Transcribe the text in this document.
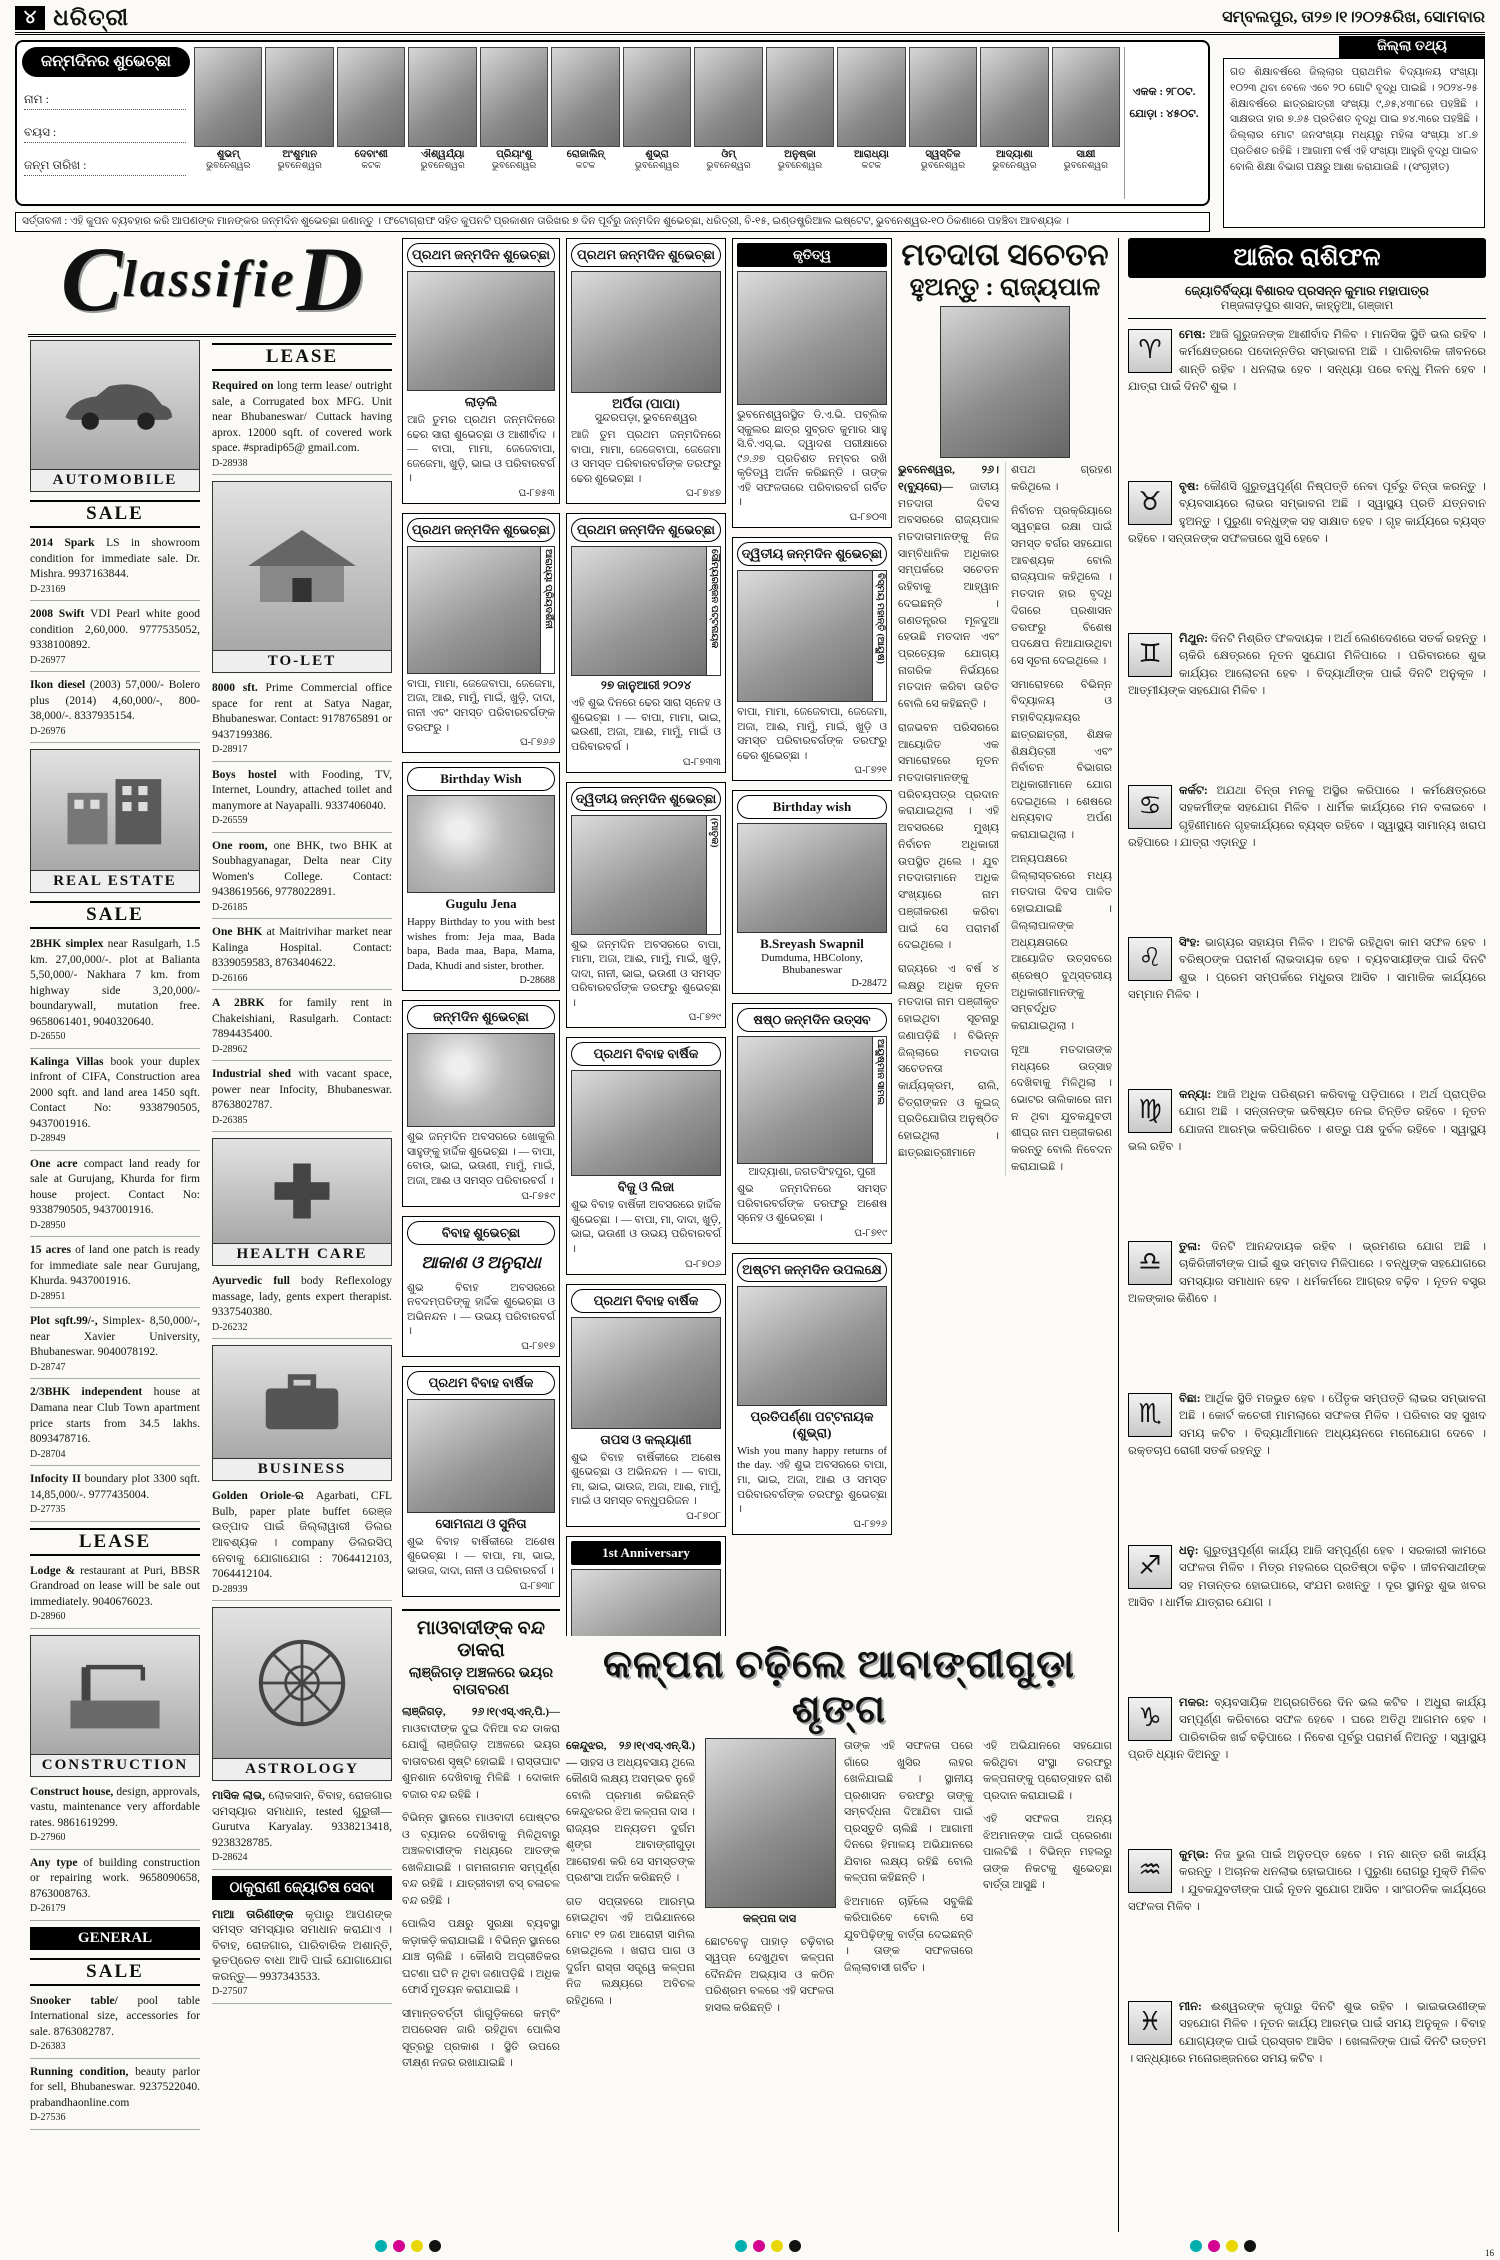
୪ ଧରିତ୍ରୀ	ସମ୍ବଲପୁର, ତା୨୭।୧।୨୦୨୫ରିଖ, ସୋମବାର
ଜନ୍ମଦିନର ଶୁଭେଚ୍ଛା
ନାମ :
ବୟସ :
ଜନ୍ମ ତାରିଖ :
ଶୁଭମ୍
ଭୁବନେଶ୍ୱର
ଅଂଶୁମାନ
ଭୁବନେଶ୍ୱର
ଦେବାଂଶୀ
କଟକ
ଐଶ୍ୱର୍ଯ୍ୟା
ଭୁବନେଶ୍ୱର
ପ୍ରିୟାଂଶୁ
ଭୁବନେଶ୍ୱର
ରୋଜାଲିନ୍
କଟକ
ଶୁଭ୍ରା
ଭୁବନେଶ୍ୱର
ଓଁମ୍
ଭୁବନେଶ୍ୱର
ଅନୁଷ୍କା
ଭୁବନେଶ୍ୱର
ଆରାଧ୍ୟା
କଟକ
ସ୍ୱସ୍ତିକ
ଭୁବନେଶ୍ୱର
ଆଦ୍ୟାଶା
ଭୁବନେଶ୍ୱର
ସାକ୍ଷୀ
ଭୁବନେଶ୍ୱର
ଏକକ : ୨୮୦ଟ.
ଯୋଡ଼ା : ୪୫୦ଟ.
ସର୍ତ୍ତାବଳୀ : ଏହି କୁପନ ବ୍ୟବହାର କରି ଆପଣଙ୍କ ମାନଙ୍କର ଜନ୍ମଦିନ ଶୁଭେଚ୍ଛା ଜଣାନ୍ତୁ । ଫଟୋଗ୍ରାଫ ସହିତ କୁପନଟି ପ୍ରକାଶନ ତାରିଖର ୭ ଦିନ ପୂର୍ବରୁ ଜନ୍ମଦିନ ଶୁଭେଚ୍ଛା, ଧରିତ୍ରୀ, ବି-୧୫, ଇଣ୍ଡଷ୍ଟ୍ରିଆଲ ଇଷ୍ଟେଟ, ଭୁବନେଶ୍ୱର-୧୦ ଠିକଣାରେ ପହଞ୍ଚିବା ଆବଶ୍ୟକ ।
ଜିଲ୍ଲା ତଥ୍ୟ
ଗତ ଶିକ୍ଷାବର୍ଷରେ ଜିଲ୍ଲାର ପ୍ରାଥମିକ ବିଦ୍ୟାଳୟ ସଂଖ୍ୟା ୧୦୨୩ ଥିବା ବେଳେ ଏବେ ୨୦ ଗୋଟି ବୃଦ୍ଧି ପାଇଛି । ୨୦୨୪-୨୫ ଶିକ୍ଷାବର୍ଷରେ ଛାତ୍ରଛାତ୍ରୀ ସଂଖ୍ୟା ୯,୬୫,୪୩୮ରେ ପହଞ୍ଚିଛି । ସାକ୍ଷରତା ହାର ୭.୬୫ ପ୍ରତିଶତ ବୃଦ୍ଧି ପାଇ ୭୪.୩ରେ ପହଞ୍ଚିଛି । ଜିଲ୍ଲାର ମୋଟ ଜନସଂଖ୍ୟା ମଧ୍ୟରୁ ମହିଳା ସଂଖ୍ୟା ୪୮.୭ ପ୍ରତିଶତ ରହିଛି । ଆଗାମୀ ବର୍ଷ ଏହି ସଂଖ୍ୟା ଆହୁରି ବୃଦ୍ଧି ପାଇବ ବୋଲି ଶିକ୍ଷା ବିଭାଗ ପକ୍ଷରୁ ଆଶା କରାଯାଉଛି । (ସଂଗୃହୀତ)
ClassifieD
AUTOMOBILE
SALE

2014 Spark LS in showroom condition for immediate sale. Dr. Mishra. 9937163844.
D-23169

2008 Swift VDI Pearl white good condition 2,60,000. 9777535052, 9338100892.
D-26977

Ikon diesel (2003) 57,000/- Bolero plus (2014) 4,60,000/-, 800-38,000/-. 8337935154.
D-26976

REAL ESTATE
SALE

2BHK simplex near Rasulgarh, 1.5 km. 27,00,000/-. plot at Balianta 5,50,000/- Nakhara 7 km. from highway side 3,20,000/- boundarywall, mutation free. 9658061401, 9040320640.
D-26550

Kalinga Villas book your duplex infront of CIFA, Construction area 2000 sqft. and land area 1450 sqft. Contact No: 9338790505, 9437001916.
D-28949

One acre compact land ready for sale at Gurujang, Khurda for firm house project. Contact No: 9338790505, 9437001916.
D-28950

15 acres of land one patch is ready for immediate sale near Gurujang, Khurda. 9437001916.
D-28951

Plot sqft.99/-, Simplex- 8,50,000/-, near Xavier University, Bhubaneswar. 9040078192.
D-28747

2/3BHK independent house at Damana near Club Town apartment price starts from 34.5 lakhs. 8093478716.
D-28704

Infocity II boundary plot 3300 sqft. 14,85,000/-. 9777435004.
D-27735

LEASE

Lodge & restaurant at Puri, BBSR Grandroad on lease will be sale out immediately. 9040676023.
D-28960

CONSTRUCTION

Construct house, design, approvals, vastu, maintenance very affordable rates. 9861619299.
D-27960

Any type of building construction or repairing work. 9658090658, 8763008763.
D-26179

GENERAL
SALE

Snooker table/ pool table International size, accessories for sale. 8763082787.
D-26383

Running condition, beauty parlor for sell, Bhubaneswar. 9237522040. prabandhaonline.com
D-27536

LEASE

Required on long term lease/ outright sale, a Corrugated box MFG. Unit near Bhubaneswar/ Cuttack having aprox. 12000 sqft. of covered work space. #spradip65@ gmail.com.
D-28938

TO-LET

8000 sft. Prime Commercial office space for rent at Satya Nagar, Bhubaneswar. Contact: 9178765891 or 9437199386.
D-28917

Boys hostel with Fooding, TV, Internet, Loundry, attached toilet and manymore at Nayapalli. 9337406040.
D-26559

One room, one BHK, two BHK at Soubhagyanagar, Delta near City Women's College. Contact: 9438619566, 9778022891.
D-26185

One BHK at Maitrivihar market near Kalinga Hospital. Contact: 8339059583, 8763404622.
D-26166

A 2BRK for family rent in Chakeishiani, Rasulgarh. Contact: 7894435400.
D-28962

Industrial shed with vacant space, power near Infocity, Bhubaneswar. 8763802787.
D-26385

HEALTH CARE

Ayurvedic full body Reflexology massage, lady, gents expert therapist. 9337540380.
D-26232

BUSINESS

Golden Oriole-ର Agarbati, CFL Bulb, paper plate buffet ରେଞ୍ଜ ଉତ୍ପାଦ ପାଇଁ ଜିଲ୍ଲାୱାରୀ ଡିଲର ଆବଶ୍ୟକ । company ଡିଲରସିପ୍ ନେବାକୁ ଯୋଗାଯୋଗ : 7064412103, 7064412104.
D-28939

ASTROLOGY

ମାସିକ ଲାଭ, ଲୋକସାନ, ବିବାହ, ରୋଜଗାର ସମସ୍ୟାର ସମାଧାନ, tested ଗୁରୁଜୀ— Gurutva Karyalay. 9338213418, 9238328785.
D-28624

ଠାକୁରାଣୀ ଜ୍ୟୋତିଷ ସେବା

ମାଆ ତାରିଣୀଙ୍କ କୃପାରୁ ଆପଣଙ୍କ ସମସ୍ତ ସମସ୍ୟାର ସମାଧାନ କରାଯାଏ । ବିବାହ, ରୋଜଗାର, ପାରିବାରିକ ଅଶାନ୍ତି, ଭୂତପ୍ରେତ ବାଧା ଆଦି ପାଇଁ ଯୋଗାଯୋଗ କରନ୍ତୁ— 9937343533.
D-27507

ପ୍ରଥମ ଜନ୍ମଦିନ ଶୁଭେଚ୍ଛା
ଲାଡ଼ଲି
ଆଜି ତୁମର ପ୍ରଥମ ଜନ୍ମଦିନରେ ଢେର ସାରା ଶୁଭେଚ୍ଛା ଓ ଆଶୀର୍ବାଦ । — ବାପା, ମାମା, ଜେଜେବାପା, ଜେଜେମା, ଖୁଡ଼ି, ଭାଇ ଓ ପରିବାରବର୍ଗ ।
ଘ-୮୭୫୩
ପ୍ରଥମ ଜନ୍ମଦିନ ଶୁଭେଚ୍ଛା
ଆରାଧ୍ୟା ପ୍ରିୟଦର୍ଶିନୀ
ବାପା, ମାମା, ଜେଜେବାପା, ଜେଜେମା, ଅଜା, ଆଈ, ମାମୁଁ, ମାଇଁ, ଖୁଡ଼ି, ଦାଦା, ନାନୀ ଏବଂ ସମସ୍ତ ପରିବାରବର୍ଗଙ୍କ ତରଫରୁ ।
ଘ-୮୭୬୬
Birthday Wish
Gugulu Jena
Happy Birthday to you with best wishes from: Jeja maa, Bada bapa, Bada maa, Bapa, Mama, Dada, Khudi and sister, brother.
D-28688
ଜନ୍ମଦିନ ଶୁଭେଚ୍ଛା
ଶୁଭ ଜନ୍ମଦିନ ଅବସରରେ ଖୋକୁଲି ସାହୁଙ୍କୁ ହାର୍ଦ୍ଦିକ ଶୁଭେଚ୍ଛା । — ବାପା, ବୋଉ, ଭାଇ, ଭଉଣୀ, ମାମୁଁ, ମାଇଁ, ଅଜା, ଆଈ ଓ ସମସ୍ତ ପରିବାରବର୍ଗ ।
ଘ-୮୭୫୯
ବିବାହ ଶୁଭେଚ୍ଛା
ଆକାଶ ଓ ଅନୁରାଧା
ଶୁଭ ବିବାହ ଅବସରରେ ନବଦମ୍ପତିଙ୍କୁ ହାର୍ଦ୍ଦିକ ଶୁଭେଚ୍ଛା ଓ ଅଭିନନ୍ଦନ । — ଉଭୟ ପରିବାରବର୍ଗ ।
ଘ-୮୭୧୭
ପ୍ରଥମ ବିବାହ ବାର୍ଷିକ
ସୋମନାଥ ଓ ସୁନିତା
ଶୁଭ ବିବାହ ବାର୍ଷିକୀରେ ଅଶେଷ ଶୁଭେଚ୍ଛା । — ବାପା, ମା, ଭାଇ, ଭାଉଜ, ଦାଦା, ନାନୀ ଓ ପରିବାରବର୍ଗ ।
ଘ-୮୭୩୮
ମାଓବାଦୀଙ୍କ ବନ୍ଦ ଡାକରା
ଲାଞ୍ଜିଗଡ଼ ଅଞ୍ଚଳରେ ଭୟର ବାତାବରଣ

ଲାଞ୍ଜିଗଡ଼, ୨୬।୧(ଏସ୍.ଏନ୍.ପି.)— ମାଓବାଦୀଙ୍କ ଦୁଇ ଦିନିଆ ବନ୍ଦ ଡାକରା ଯୋଗୁଁ ଲାଞ୍ଜିଗଡ଼ ଅଞ୍ଚଳରେ ଭୟର ବାତାବରଣ ସୃଷ୍ଟି ହୋଇଛି । ରାସ୍ତାଘାଟ ଶୁନଶାନ ଦେଖିବାକୁ ମିଳିଛି । ଦୋକାନ ବଜାର ବନ୍ଦ ରହିଛି ।

ବିଭିନ୍ନ ସ୍ଥାନରେ ମାଓବାଦୀ ପୋଷ୍ଟର ଓ ବ୍ୟାନର ଦେଖିବାକୁ ମିଳିଥିବାରୁ ଅଞ୍ଚଳବାସୀଙ୍କ ମଧ୍ୟରେ ଆତଙ୍କ ଖେଳିଯାଇଛି । ଗମନାଗମନ ସମ୍ପୂର୍ଣ୍ଣ ବନ୍ଦ ରହିଛି । ଯାତ୍ରୀବାହୀ ବସ୍ ଚଳାଚଳ ବନ୍ଦ ରହିଛି ।

ପୋଲିସ ପକ୍ଷରୁ ସୁରକ୍ଷା ବ୍ୟବସ୍ଥା କଡ଼ାକଡ଼ି କରାଯାଇଛି । ବିଭିନ୍ନ ସ୍ଥାନରେ ଯାଞ୍ଚ ଚାଲିଛି । କୌଣସି ଅପ୍ରୀତିକର ଘଟଣା ଘଟି ନ ଥିବା ଜଣାପଡ଼ିଛି । ଅଧିକ ଫୋର୍ସ ମୁତୟନ କରାଯାଇଛି ।

ସୀମାନ୍ତବର୍ତ୍ତୀ ଗାଁଗୁଡ଼ିକରେ କମ୍ବିଂ ଅପରେସନ ଜାରି ରହିଥିବା ପୋଲିସ ସୂତ୍ରରୁ ପ୍ରକାଶ । ସ୍ଥିତି ଉପରେ ତୀକ୍ଷ୍ଣ ନଜର ରଖାଯାଇଛି ।

ପ୍ରଥମ ଜନ୍ମଦିନ ଶୁଭେଚ୍ଛା
ଅର୍ପିତା (ପାପା)
ସୁନ୍ଦରପଡ଼ା, ଭୁବନେଶ୍ୱର
ଆଜି ତୁମ ପ୍ରଥମ ଜନ୍ମଦିନରେ ବାପା, ମାମା, ଜେଜେବାପା, ଜେଜେମା ଓ ସମସ୍ତ ପରିବାରବର୍ଗଙ୍କ ତରଫରୁ ଢେର ଶୁଭେଚ୍ଛା ।
ଘ-୮୭୪୭
ପ୍ରଥମ ଜନ୍ମଦିନ ଶୁଭେଚ୍ଛା
ସୌମ୍ୟରଞ୍ଜନ ପଟ୍ଟନାୟକ
୨୭ ଜାନୁଆରୀ ୨୦୨୪
ଏହି ଶୁଭ ଦିନରେ ଢେର ସାରା ସ୍ନେହ ଓ ଶୁଭେଚ୍ଛା । — ବାପା, ମାମା, ଭାଇ, ଭଉଣୀ, ଅଜା, ଆଈ, ମାମୁଁ, ମାଇଁ ଓ ପରିବାରବର୍ଗ ।
ଘ-୮୭୩୩
ଦ୍ୱିତୀୟ ଜନ୍ମଦିନ ଶୁଭେଚ୍ଛା
(ମାତୃକ)
ଶୁଭ ଜନ୍ମଦିନ ଅବସରରେ ବାପା, ମାମା, ଅଜା, ଆଈ, ମାମୁଁ, ମାଇଁ, ଖୁଡ଼ି, ଦାଦା, ନାନୀ, ଭାଇ, ଭଉଣୀ ଓ ସମସ୍ତ ପରିବାରବର୍ଗଙ୍କ ତରଫରୁ ଶୁଭେଚ୍ଛା ।
ଘ-୮୭୨୯
ପ୍ରଥମ ବିବାହ ବାର୍ଷିକ
ବିଜୁ ଓ ଲିଜା
ଶୁଭ ବିବାହ ବାର୍ଷିକୀ ଅବସରରେ ହାର୍ଦ୍ଦିକ ଶୁଭେଚ୍ଛା । — ବାପା, ମା, ଦାଦା, ଖୁଡ଼ି, ଭାଇ, ଭଉଣୀ ଓ ଉଭୟ ପରିବାରବର୍ଗ ।
ଘ-୮୭୦୬
ପ୍ରଥମ ବିବାହ ବାର୍ଷିକ
ତାପସ ଓ କଲ୍ୟାଣୀ
ଶୁଭ ବିବାହ ବାର୍ଷିକୀରେ ଅଶେଷ ଶୁଭେଚ୍ଛା ଓ ଅଭିନନ୍ଦନ । — ବାପା, ମା, ଭାଇ, ଭାଉଜ, ଅଜା, ଆଈ, ମାମୁଁ, ମାଇଁ ଓ ସମସ୍ତ ବନ୍ଧୁପରିଜନ ।
ଘ-୮୭୦୮
1st Anniversary
କୃତିତ୍ୱ
ଭୁବନେଶ୍ୱରସ୍ଥିତ ଡି.ଏ.ଭି. ପବ୍ଲିକ ସ୍କୁଲର ଛାତ୍ର ସୁବ୍ରତ କୁମାର ସାହୁ ସି.ବି.ଏସ୍.ଇ. ଦ୍ୱାଦଶ ପରୀକ୍ଷାରେ ୯୬.୬୭ ପ୍ରତିଶତ ନମ୍ବର ରଖି କୃତିତ୍ୱ ଅର୍ଜନ କରିଛନ୍ତି । ତାଙ୍କ ଏହି ସଫଳତାରେ ପରିବାରବର୍ଗ ଗର୍ବିତ ।
ଘ-୮୭୦୩
ଦ୍ୱିତୀୟ ଜନ୍ମଦିନ ଶୁଭେଚ୍ଛା
ବିସ୍ମୟ ମହାନ୍ତି (ଆୟୁଷ)
ବାପା, ମାମା, ଜେଜେବାପା, ଜେଜେମା, ଅଜା, ଆଈ, ମାମୁଁ, ମାଇଁ, ଖୁଡ଼ି ଓ ସମସ୍ତ ପରିବାରବର୍ଗଙ୍କ ତରଫରୁ ଢେର ଶୁଭେଚ୍ଛା ।
ଘ-୮୭୨୧
Birthday wish
B.Sreyash Swapnil
Dumduma, HBColony, Bhubaneswar
D-28472
ଷଷ୍ଠ ଜନ୍ମଦିନ ଉତ୍ସବ
ଆୟୁଷ୍ମାନ ସାମଲ
ଆଦ୍ୟାଶା, ଜଗତସିଂହପୁର, ପୁରୀ
ଶୁଭ ଜନ୍ମଦିନରେ ସମସ୍ତ ପରିବାରବର୍ଗଙ୍କ ତରଫରୁ ଅଶେଷ ସ୍ନେହ ଓ ଶୁଭେଚ୍ଛା ।
ଘ-୮୭୧୯
ଅଷ୍ଟମ ଜନ୍ମଦିନ ଉପଲକ୍ଷେ
ପ୍ରତିପର୍ଣ୍ଣା ପଟ୍ଟନାୟକ (ଶୁଭ୍ରା)
Wish you many happy returns of the day. ଏହି ଶୁଭ ଅବସରରେ ବାପା, ମା, ଭାଇ, ଅଜା, ଆଈ ଓ ସମସ୍ତ ପରିବାରବର୍ଗଙ୍କ ତରଫରୁ ଶୁଭେଚ୍ଛା ।
ଘ-୮୭୨୬
ମତଦାତା ସଚେତନ
ହୁଅନ୍ତୁ : ରାଜ୍ୟପାଳ

ଭୁବନେଶ୍ୱର, ୨୬।୧(ବ୍ୟୁରୋ)— ଜାତୀୟ ମତଦାତା ଦିବସ ଅବସରରେ ରାଜ୍ୟପାଳ ମତଦାତାମାନଙ୍କୁ ନିଜ ସାମ୍ବିଧାନିକ ଅଧିକାର ସମ୍ପର୍କରେ ସଚେତନ ରହିବାକୁ ଆହ୍ୱାନ ଦେଇଛନ୍ତି । ଗଣତନ୍ତ୍ରର ମୂଳଦୁଆ ହେଉଛି ମତଦାନ ଏବଂ ପ୍ରତ୍ୟେକ ଯୋଗ୍ୟ ନାଗରିକ ନିର୍ଭୟରେ ମତଦାନ କରିବା ଉଚିତ ବୋଲି ସେ କହିଛନ୍ତି ।

ରାଜଭବନ ପରିସରରେ ଆୟୋଜିତ ଏକ ସମାରୋହରେ ନୂତନ ମତଦାତାମାନଙ୍କୁ ପରିଚୟପତ୍ର ପ୍ରଦାନ କରାଯାଇଥିଲା । ଏହି ଅବସରରେ ମୁଖ୍ୟ ନିର୍ବାଚନ ଅଧିକାରୀ ଉପସ୍ଥିତ ଥିଲେ । ଯୁବ ମତଦାତାମାନେ ଅଧିକ ସଂଖ୍ୟାରେ ନାମ ପଞ୍ଜୀକରଣ କରିବା ପାଇଁ ସେ ପରାମର୍ଶ ଦେଇଥିଲେ ।

ରାଜ୍ୟରେ ଏ ବର୍ଷ ୪ ଲକ୍ଷରୁ ଅଧିକ ନୂତନ ମତଦାତା ନାମ ପଞ୍ଜୀକୃତ ହୋଇଥିବା ସୂଚନାରୁ ଜଣାପଡ଼ିଛି । ବିଭିନ୍ନ ଜିଲ୍ଲାରେ ମତଦାତା ସଚେତନତା କାର୍ଯ୍ୟକ୍ରମ, ରାଲି, ଚିତ୍ରାଙ୍କନ ଓ କୁଇଜ୍ ପ୍ରତିଯୋଗିତା ଅନୁଷ୍ଠିତ ହୋଇଥିଲା । ଛାତ୍ରଛାତ୍ରୀମାନେ ଶପଥ ଗ୍ରହଣ କରିଥିଲେ ।

ନିର୍ବାଚନ ପ୍ରକ୍ରିୟାରେ ସ୍ୱଚ୍ଛତା ରକ୍ଷା ପାଇଁ ସମସ୍ତ ବର୍ଗର ସହଯୋଗ ଆବଶ୍ୟକ ବୋଲି ରାଜ୍ୟପାଳ କହିଥିଲେ । ମତଦାନ ହାର ବୃଦ୍ଧି ଦିଗରେ ପ୍ରଶାସନ ତରଫରୁ ବିଶେଷ ପଦକ୍ଷେପ ନିଆଯାଉଥିବା ସେ ସୂଚନା ଦେଇଥିଲେ ।

ସମାରୋହରେ ବିଭିନ୍ନ ବିଦ୍ୟାଳୟ ଓ ମହାବିଦ୍ୟାଳୟର ଛାତ୍ରଛାତ୍ରୀ, ଶିକ୍ଷକ ଶିକ୍ଷୟିତ୍ରୀ ଏବଂ ନିର୍ବାଚନ ବିଭାଗର ଅଧିକାରୀମାନେ ଯୋଗ ଦେଇଥିଲେ । ଶେଷରେ ଧନ୍ୟବାଦ ଅର୍ପଣ କରାଯାଇଥିଲା ।

ଅନ୍ୟପକ୍ଷରେ ଜିଲ୍ଲାସ୍ତରରେ ମଧ୍ୟ ମତଦାତା ଦିବସ ପାଳିତ ହୋଇଯାଇଛି । ଜିଲ୍ଲାପାଳଙ୍କ ଅଧ୍ୟକ୍ଷତାରେ ଆୟୋଜିତ ଉତ୍ସବରେ ଶ୍ରେଷ୍ଠ ବୁଥ୍‌ସ୍ତରୀୟ ଅଧିକାରୀମାନଙ୍କୁ ସମ୍ବର୍ଦ୍ଧିତ କରାଯାଇଥିଲା ।

ନୂଆ ମତଦାତାଙ୍କ ମଧ୍ୟରେ ଉତ୍ସାହ ଦେଖିବାକୁ ମିଳିଥିଲା । ଭୋଟର ତାଲିକାରେ ନାମ ନ ଥିବା ଯୁବକଯୁବତୀ ଶୀଘ୍ର ନାମ ପଞ୍ଜୀକରଣ କରନ୍ତୁ ବୋଲି ନିବେଦନ କରାଯାଇଛି ।

କଳ୍ପନା ଚଢ଼ିଲେ ଆବାଙ୍ଗୀଗୁଡ଼ା ଶୃଙ୍ଗ

କେନ୍ଦୁଝର, ୨୬।୧(ଏସ୍.ଏନ୍.ସି.)— ସାହସ ଓ ଅଧ୍ୟବସାୟ ଥିଲେ କୌଣସି ଲକ୍ଷ୍ୟ ଅସମ୍ଭବ ନୁହେଁ ବୋଲି ପ୍ରମାଣ କରିଛନ୍ତି କେନ୍ଦୁଝରର ଝିଅ କଳ୍ପନା ଦାସ । ରାଜ୍ୟର ଅନ୍ୟତମ ଦୁର୍ଗମ ଶୃଙ୍ଗ ଆବାଙ୍ଗୀଗୁଡ଼ା ଆରୋହଣ କରି ସେ ସମସ୍ତଙ୍କ ପ୍ରଶଂସା ଅର୍ଜନ କରିଛନ୍ତି ।

ଗତ ସପ୍ତାହରେ ଆରମ୍ଭ ହୋଇଥିବା ଏହି ଅଭିଯାନରେ ମୋଟ ୧୨ ଜଣ ଆରୋହୀ ସାମିଲ ହୋଇଥିଲେ । ଖରାପ ପାଗ ଓ ଦୁର୍ଗମ ରାସ୍ତା ସତ୍ତ୍ୱେ କଳ୍ପନା ନିଜ ଲକ୍ଷ୍ୟରେ ଅବିଚଳ ରହିଥିଲେ ।

କଳ୍ପନା ଦାସ

ଛୋଟବେଳୁ ପାହାଡ଼ ଚଢ଼ିବାର ସ୍ୱପ୍ନ ଦେଖୁଥିବା କଳ୍ପନା ଦୈନନ୍ଦିନ ଅଭ୍ୟାସ ଓ କଠିନ ପରିଶ୍ରମ ବଳରେ ଏହି ସଫଳତା ହାସଲ କରିଛନ୍ତି ।

ତାଙ୍କ ଏହି ସଫଳତା ପରେ ଗାଁରେ ଖୁସିର ଲହର ଖେଳିଯାଇଛି । ସ୍ଥାନୀୟ ପ୍ରଶାସନ ତରଫରୁ ତାଙ୍କୁ ସମ୍ବର୍ଦ୍ଧନା ଦିଆଯିବା ପାଇଁ ପ୍ରସ୍ତୁତି ଚାଲିଛି । ଆଗାମୀ ଦିନରେ ହିମାଳୟ ଅଭିଯାନରେ ଯିବାର ଲକ୍ଷ୍ୟ ରହିଛି ବୋଲି କଳ୍ପନା କହିଛନ୍ତି ।

ଝିଅମାନେ ଚାହିଁଲେ ସବୁକିଛି କରିପାରିବେ ବୋଲି ସେ ଯୁବପିଢ଼ିଙ୍କୁ ବାର୍ତ୍ତା ଦେଇଛନ୍ତି । ତାଙ୍କ ସଫଳତାରେ ଜିଲ୍ଲାବାସୀ ଗର୍ବିତ ।

ଏହି ଅଭିଯାନରେ ସହଯୋଗ କରିଥିବା ସଂସ୍ଥା ତରଫରୁ କଳ୍ପନାଙ୍କୁ ପ୍ରୋତ୍ସାହନ ରାଶି ପ୍ରଦାନ କରାଯାଇଛି ।

ଏହି ସଫଳତା ଅନ୍ୟ ଝିଅମାନଙ୍କ ପାଇଁ ପ୍ରେରଣା ପାଲଟିଛି । ବିଭିନ୍ନ ମହଲରୁ ତାଙ୍କ ନିକଟକୁ ଶୁଭେଚ୍ଛା ବାର୍ତ୍ତା ଆସୁଛି ।

ଆଜିର ରାଶିଫଳ
ଜ୍ୟୋତିର୍ବିଦ୍ୟା ବିଶାରଦ ପ୍ରସନ୍ନ କୁମାର ମହାପାତ୍ର
ମଞ୍ଜଳାଡ଼ପୁର ଶାସନ, କାହ୍ନୁଆ, ଗଞ୍ଜାମ
♈
ମେଷ: ଆଜି ଗୁରୁଜନଙ୍କ ଆଶୀର୍ବାଦ ମିଳିବ । ମାନସିକ ସ୍ଥିତି ଭଲ ରହିବ । କର୍ମକ୍ଷେତ୍ରରେ ପଦୋନ୍ନତିର ସମ୍ଭାବନା ଅଛି । ପାରିବାରିକ ଜୀବନରେ ଶାନ୍ତି ରହିବ । ଧନଲାଭ ହେବ । ସନ୍ଧ୍ୟା ପରେ ବନ୍ଧୁ ମିଳନ ହେବ । ଯାତ୍ରା ପାଇଁ ଦିନଟି ଶୁଭ ।
♉
ବୃଷ: କୌଣସି ଗୁରୁତ୍ୱପୂର୍ଣ୍ଣ ନିଷ୍ପତ୍ତି ନେବା ପୂର୍ବରୁ ଚିନ୍ତା କରନ୍ତୁ । ବ୍ୟବସାୟରେ ଲାଭର ସମ୍ଭାବନା ଅଛି । ସ୍ୱାସ୍ଥ୍ୟ ପ୍ରତି ଯତ୍ନବାନ ହୁଅନ୍ତୁ । ପୁରୁଣା ବନ୍ଧୁଙ୍କ ସହ ସାକ୍ଷାତ ହେବ । ଗୃହ କାର୍ଯ୍ୟରେ ବ୍ୟସ୍ତ ରହିବେ । ସନ୍ତାନଙ୍କ ସଫଳତାରେ ଖୁସି ହେବେ ।
♊
ମିଥୁନ: ଦିନଟି ମିଶ୍ରିତ ଫଳଦାୟକ । ଅର୍ଥ ଲେଣଦେଣରେ ସତର୍କ ରହନ୍ତୁ । ଚାକିରି କ୍ଷେତ୍ରରେ ନୂତନ ସୁଯୋଗ ମିଳିପାରେ । ପରିବାରରେ ଶୁଭ କାର୍ଯ୍ୟର ଆଲୋଚନା ହେବ । ବିଦ୍ୟାର୍ଥୀଙ୍କ ପାଇଁ ଦିନଟି ଅନୁକୂଳ । ଆତ୍ମୀୟଙ୍କ ସହଯୋଗ ମିଳିବ ।
♋
କର୍କଟ: ଅଯଥା ଚିନ୍ତା ମନକୁ ଅସ୍ଥିର କରିପାରେ । କର୍ମକ୍ଷେତ୍ରରେ ସହକର୍ମୀଙ୍କ ସହଯୋଗ ମିଳିବ । ଧାର୍ମିକ କାର୍ଯ୍ୟରେ ମନ ବଳାଇବେ । ଗୃହିଣୀମାନେ ଗୃହକାର୍ଯ୍ୟରେ ବ୍ୟସ୍ତ ରହିବେ । ସ୍ୱାସ୍ଥ୍ୟ ସାମାନ୍ୟ ଖରାପ ରହିପାରେ । ଯାତ୍ରା ଏଡ଼ାନ୍ତୁ ।
♌
ସିଂହ: ଭାଗ୍ୟର ସହାୟତା ମିଳିବ । ଅଟକି ରହିଥିବା କାମ ସଫଳ ହେବ । ବରିଷ୍ଠଙ୍କ ପରାମର୍ଶ ଲାଭଦାୟକ ହେବ । ବ୍ୟବସାୟୀଙ୍କ ପାଇଁ ଦିନଟି ଶୁଭ । ପ୍ରେମ ସମ୍ପର୍କରେ ମଧୁରତା ଆସିବ । ସାମାଜିକ କାର୍ଯ୍ୟରେ ସମ୍ମାନ ମିଳିବ ।
♍
କନ୍ୟା: ଆଜି ଅଧିକ ପରିଶ୍ରମ କରିବାକୁ ପଡ଼ିପାରେ । ଅର୍ଥ ପ୍ରାପ୍ତିର ଯୋଗ ଅଛି । ସନ୍ତାନଙ୍କ ଭବିଷ୍ୟତ ନେଇ ଚିନ୍ତିତ ରହିବେ । ନୂତନ ଯୋଜନା ଆରମ୍ଭ କରିପାରିବେ । ଶତ୍ରୁ ପକ୍ଷ ଦୁର୍ବଳ ରହିବେ । ସ୍ୱାସ୍ଥ୍ୟ ଭଲ ରହିବ ।
♎
ତୁଳା: ଦିନଟି ଆନନ୍ଦଦାୟକ ରହିବ । ଭ୍ରମଣର ଯୋଗ ଅଛି । ଚାକିରିଜୀବୀଙ୍କ ପାଇଁ ଶୁଭ ସମ୍ବାଦ ମିଳିପାରେ । ବନ୍ଧୁଙ୍କ ସହଯୋଗରେ ସମସ୍ୟାର ସମାଧାନ ହେବ । ଧର୍ମକର୍ମରେ ଆଗ୍ରହ ବଢ଼ିବ । ନୂତନ ବସ୍ତ୍ର ଅଳଙ୍କାର କିଣିବେ ।
♏
ବିଛା: ଆର୍ଥିକ ସ୍ଥିତି ମଜଭୁତ ହେବ । ପୈତୃକ ସମ୍ପତ୍ତି ଲାଭର ସମ୍ଭାବନା ଅଛି । କୋର୍ଟ କଚେରୀ ମାମଲାରେ ସଫଳତା ମିଳିବ । ପରିବାର ସହ ସୁଖଦ ସମୟ କଟିବ । ବିଦ୍ୟାର୍ଥୀମାନେ ଅଧ୍ୟୟନରେ ମନୋଯୋଗ ଦେବେ । ରକ୍ତଚାପ ରୋଗୀ ସତର୍କ ରହନ୍ତୁ ।
♐
ଧନୁ: ଗୁରୁତ୍ୱପୂର୍ଣ୍ଣ କାର୍ଯ୍ୟ ଆଜି ସମ୍ପୂର୍ଣ୍ଣ ହେବ । ସରକାରୀ କାମରେ ସଫଳତା ମିଳିବ । ମିତ୍ର ମହଲରେ ପ୍ରତିଷ୍ଠା ବଢ଼ିବ । ଜୀବନସାଥୀଙ୍କ ସହ ମତାନ୍ତର ହୋଇପାରେ, ସଂଯମ ରଖନ୍ତୁ । ଦୂର ସ୍ଥାନରୁ ଶୁଭ ଖବର ଆସିବ । ଧାର୍ମିକ ଯାତ୍ରାର ଯୋଗ ।
♑
ମକର: ବ୍ୟବସାୟିକ ଅଗ୍ରଗତିରେ ଦିନ ଭଲ କଟିବ । ଅଧୁରା କାର୍ଯ୍ୟ ସମ୍ପୂର୍ଣ୍ଣ କରିବାରେ ସଫଳ ହେବେ । ଘରେ ଅତିଥି ଆଗମନ ହେବ । ପାରିବାରିକ ଖର୍ଚ୍ଚ ବଢ଼ିପାରେ । ନିବେଶ ପୂର୍ବରୁ ପରାମର୍ଶ ନିଅନ୍ତୁ । ସ୍ୱାସ୍ଥ୍ୟ ପ୍ରତି ଧ୍ୟାନ ଦିଅନ୍ତୁ ।
♒
କୁମ୍ଭ: ନିଜ ଭୁଲ ପାଇଁ ଅନୁତପ୍ତ ହେବେ । ମନ ଶାନ୍ତ ରଖି କାର୍ଯ୍ୟ କରନ୍ତୁ । ଅଚାନକ ଧନଲାଭ ହୋଇପାରେ । ପୁରୁଣା ରୋଗରୁ ମୁକ୍ତି ମିଳିବ । ଯୁବକଯୁବତୀଙ୍କ ପାଇଁ ନୂତନ ସୁଯୋଗ ଆସିବ । ସାଂଗଠନିକ କାର୍ଯ୍ୟରେ ସଫଳତା ମିଳିବ ।
♓
ମୀନ: ଈଶ୍ୱରଙ୍କ କୃପାରୁ ଦିନଟି ଶୁଭ ରହିବ । ଭାଇଭଉଣୀଙ୍କ ସହଯୋଗ ମିଳିବ । ନୂତନ କାର୍ଯ୍ୟ ଆରମ୍ଭ ପାଇଁ ସମୟ ଅନୁକୂଳ । ବିବାହ ଯୋଗ୍ୟଙ୍କ ପାଇଁ ପ୍ରସ୍ତାବ ଆସିବ । ଖେଳାଳିଙ୍କ ପାଇଁ ଦିନଟି ଉତ୍ତମ । ସନ୍ଧ୍ୟାରେ ମନୋରଞ୍ଜନରେ ସମୟ କଟିବ ।
16
